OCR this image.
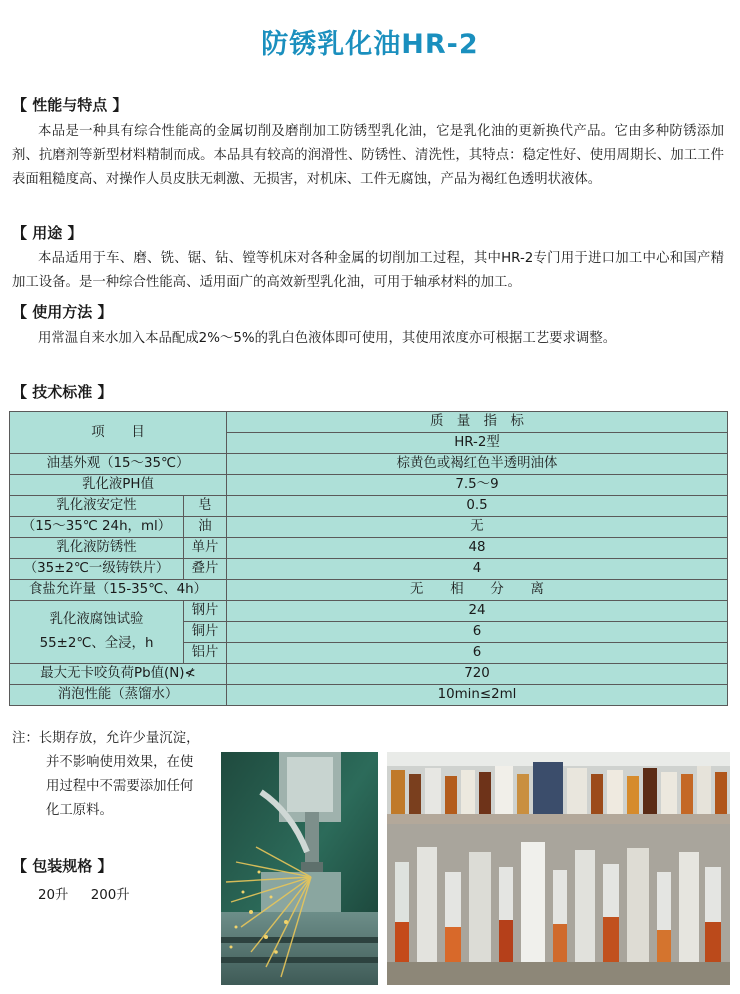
防锈乳化油HR-2
【 性能与特点 】
本品是一种具有综合性能高的金属切削及磨削加工防锈型乳化油，它是乳化油的更新换代产品。它由多种防锈添加剂、抗磨剂等新型材料精制而成。本品具有较高的润滑性、防锈性、清洗性，其特点：稳定性好、使用周期长、加工工件表面粗糙度高、对操作人员皮肤无刺激、无损害，对机床、工件无腐蚀，产品为褐红色透明状液体。
【 用途 】
本品适用于车、磨、铣、锯、钻、镗等机床对各种金属的切削加工过程，其中HR-2专门用于进口加工中心和国产精加工设备。是一种综合性能高、适用面广的高效新型乳化油，可用于轴承材料的加工。
【 使用方法 】
用常温自来水加入本品配成2%～5%的乳白色液体即可使用，其使用浓度亦可根据工艺要求调整。
【 技术标准 】
项　　目		质　量　指　标
		HR-2型
油基外观（15～35℃）		棕黄色或褐红色半透明油体
乳化液PH值		7.5～9
乳化液安定性	皂	0.5
（15～35℃ 24h，ml）	油	无
乳化液防锈性	单片	48
（35±2℃一级铸铁片）	叠片	4
食盐允许量（15-35℃、4h）		无　　相　　分　　离

乳化液腐蚀试验
55±2℃、全浸，h	钢片	24
	铜片	6
	铝片	6
最大无卡咬负荷Pb值(N)≮		720
消泡性能（蒸馏水）		10min≤2ml
注：长期存放，允许少量沉淀，
并不影响使用效果，在使
用过程中不需要添加任何
化工原料。
【 包装规格 】
20升 200升
